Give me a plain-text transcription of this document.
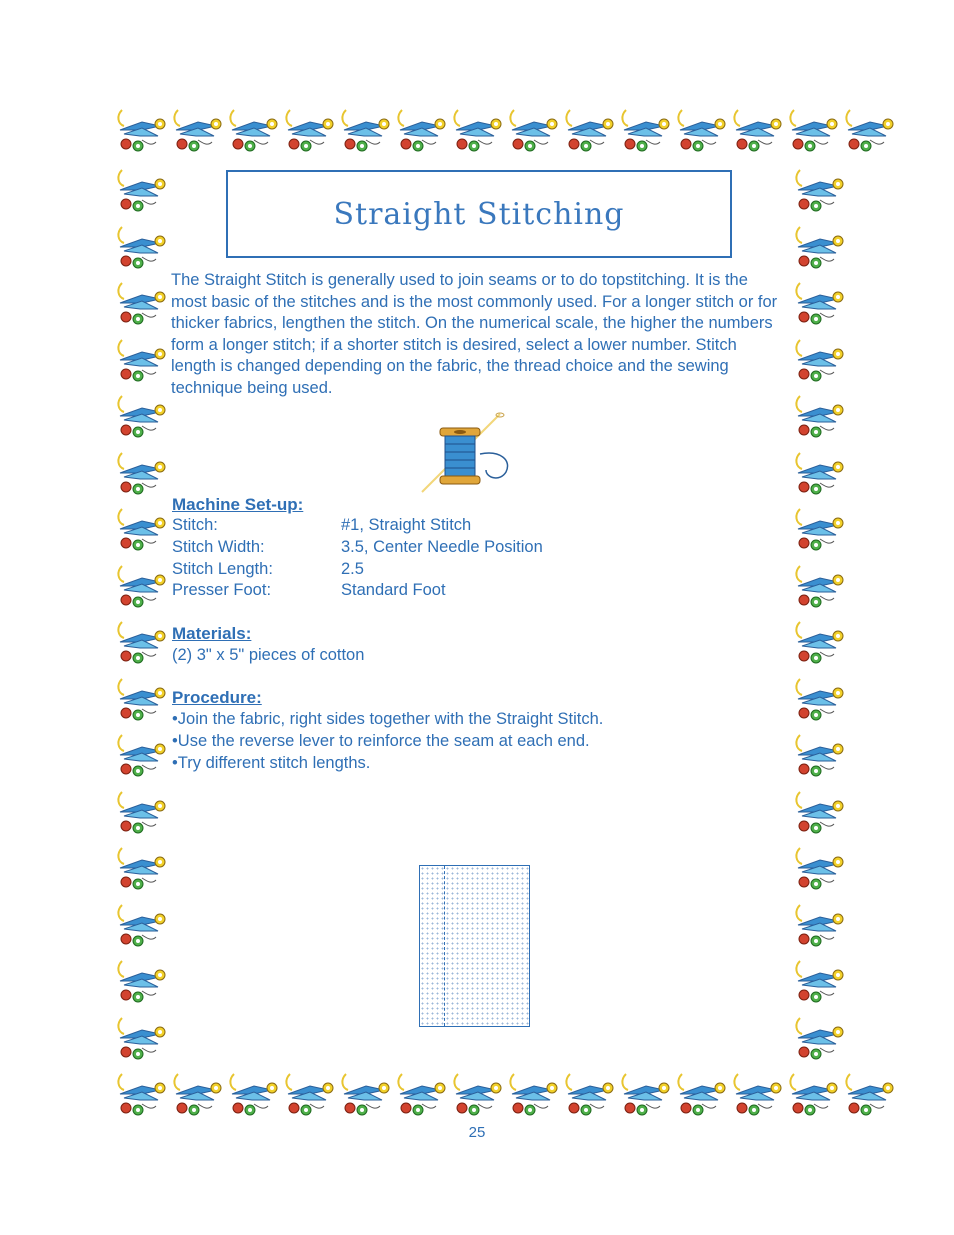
Straight Stitching
The Straight Stitch is generally used to join seams or to do topstitching. It is the most basic of the stitches and is the most commonly used. For a longer stitch or for thicker fabrics, lengthen the stitch. On the numerical scale, the higher the numbers form a longer stitch; if a shorter stitch is desired, select a lower number. Stitch length is changed depending on the fabric, the thread choice and the sewing technique being used.
Machine Set-up:
Stitch:	#1, Straight Stitch
Stitch Width:	3.5, Center Needle Position
Stitch Length:	2.5
Presser Foot:	Standard Foot
Materials:
(2) 3" x 5" pieces of cotton
Procedure:
•Join the fabric, right sides together with the Straight Stitch.
•Use the reverse lever to reinforce the seam at each end.
•Try different stitch lengths.
25
